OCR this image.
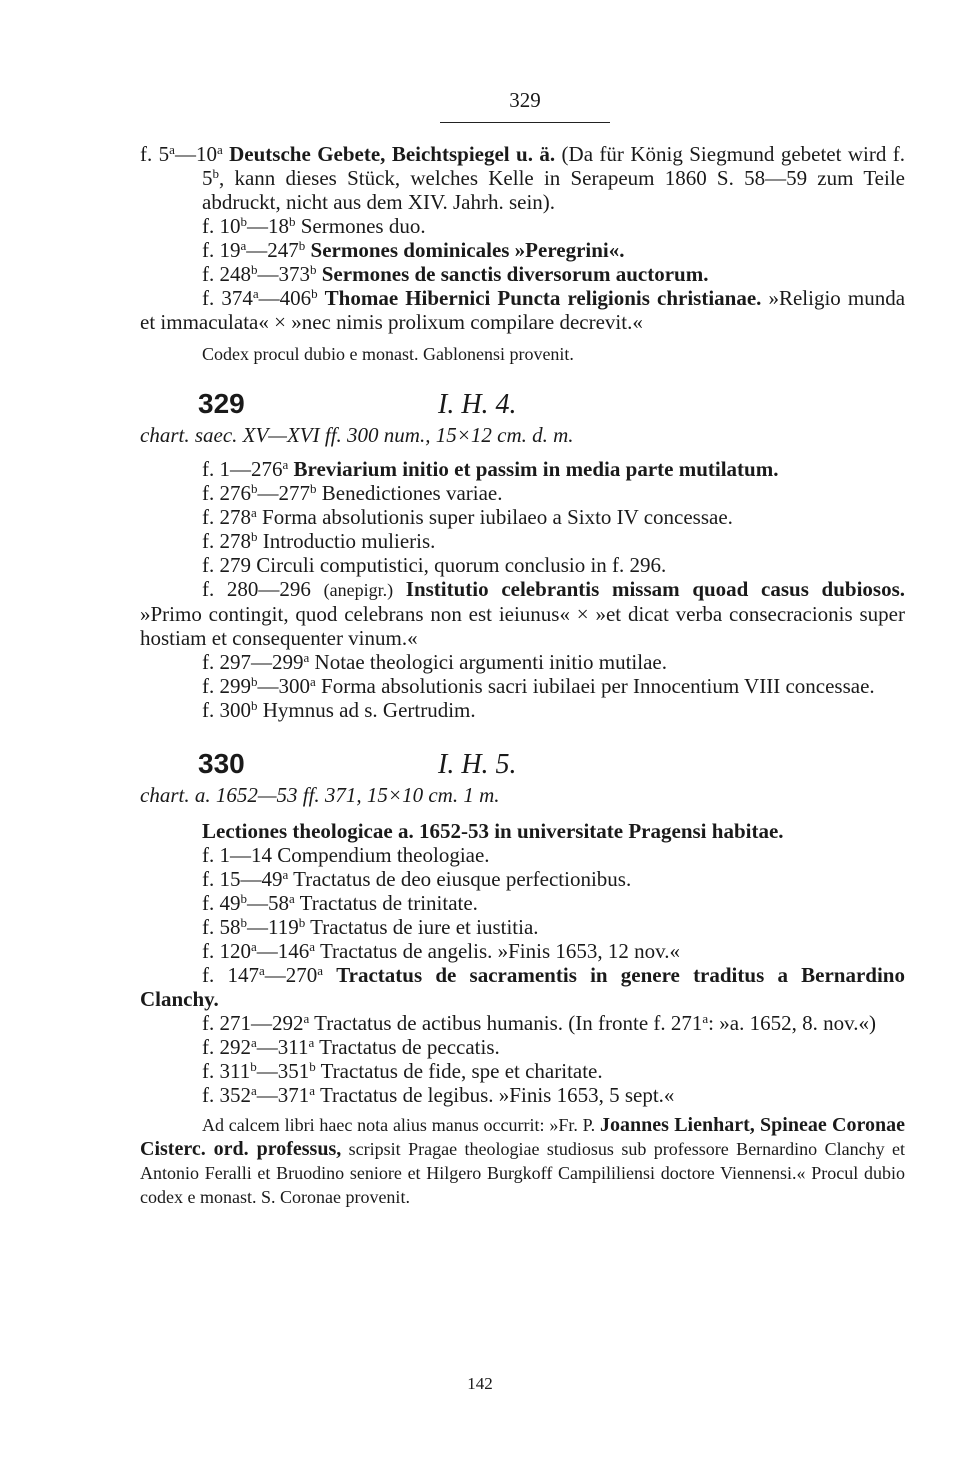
329

f. 5$^a$—10$^a$ Deutsche Gebete, Beichtspiegel u. ä. (Da für König Siegmund gebetet wird f. 5$^b$, kann dieses Stück, welches Kelle in Serapeum 1860 S. 58—59 zum Teile abdruckt, nicht aus dem XIV. Jahrh. sein).

f. 10$^b$—18$^b$ Sermones duo.

f. 19$^a$—247$^b$ Sermones dominicales »Peregrini«.

f. 248$^b$—373$^b$ Sermones de sanctis diversorum auctorum.

f. 374$^a$—406$^b$ Thomae Hibernici Puncta religionis christianae. »Religio munda et immaculata« × »nec nimis prolixum compilare decrevit.«

Codex procul dubio e monast. Gablonensi provenit.

329	I. H. 4.

chart. saec. XV—XVI ff. 300 num., 15×12 cm. d. m.

f. 1—276$^a$ Breviarium initio et passim in media parte mutilatum.

f. 276$^b$—277$^b$ Benedictiones variae.

f. 278$^a$ Forma absolutionis super iubilaeo a Sixto IV concessae.

f. 278$^b$ Introductio mulieris.

f. 279 Circuli computistici, quorum conclusio in f. 296.

f. 280—296 (anepigr.) Institutio celebrantis missam quoad casus dubiosos. »Primo contingit, quod celebrans non est ieiunus« × »et dicat verba consecracionis super hostiam et consequenter vinum.«

f. 297—299$^a$ Notae theologici argumenti initio mutilae.

f. 299$^b$—300$^a$ Forma absolutionis sacri iubilaei per Innocentium VIII concessae.

f. 300$^b$ Hymnus ad s. Gertrudim.

330	I. H. 5.

chart. a. 1652—53 ff. 371, 15×10 cm. 1 m.

Lectiones theologicae a. 1652-53 in universitate Pragensi habitae.

f. 1—14 Compendium theologiae.

f. 15—49$^a$ Tractatus de deo eiusque perfectionibus.

f. 49$^b$—58$^a$ Tractatus de trinitate.

f. 58$^b$—119$^b$ Tractatus de iure et iustitia.

f. 120$^a$—146$^a$ Tractatus de angelis. »Finis 1653, 12 nov.«

f. 147$^a$—270$^a$ Tractatus de sacramentis in genere traditus a Bernardino Clanchy.

f. 271—292$^a$ Tractatus de actibus humanis. (In fronte f. 271$^a$: »a. 1652, 8. nov.«)

f. 292$^a$—311$^a$ Tractatus de peccatis.

f. 311$^b$—351$^b$ Tractatus de fide, spe et charitate.

f. 352$^a$—371$^a$ Tractatus de legibus. »Finis 1653, 5 sept.«

Ad calcem libri haec nota alius manus occurrit: »Fr. P. Joannes Lienhart, Spineae Coronae Cisterc. ord. professus, scripsit Pragae theologiae studiosus sub professore Bernardino Clanchy et Antonio Feralli et Bruodino seniore et Hilgero Burgkoff Campililiensi doctore Viennensi.« Procul dubio codex e monast. S. Coronae provenit.

142
